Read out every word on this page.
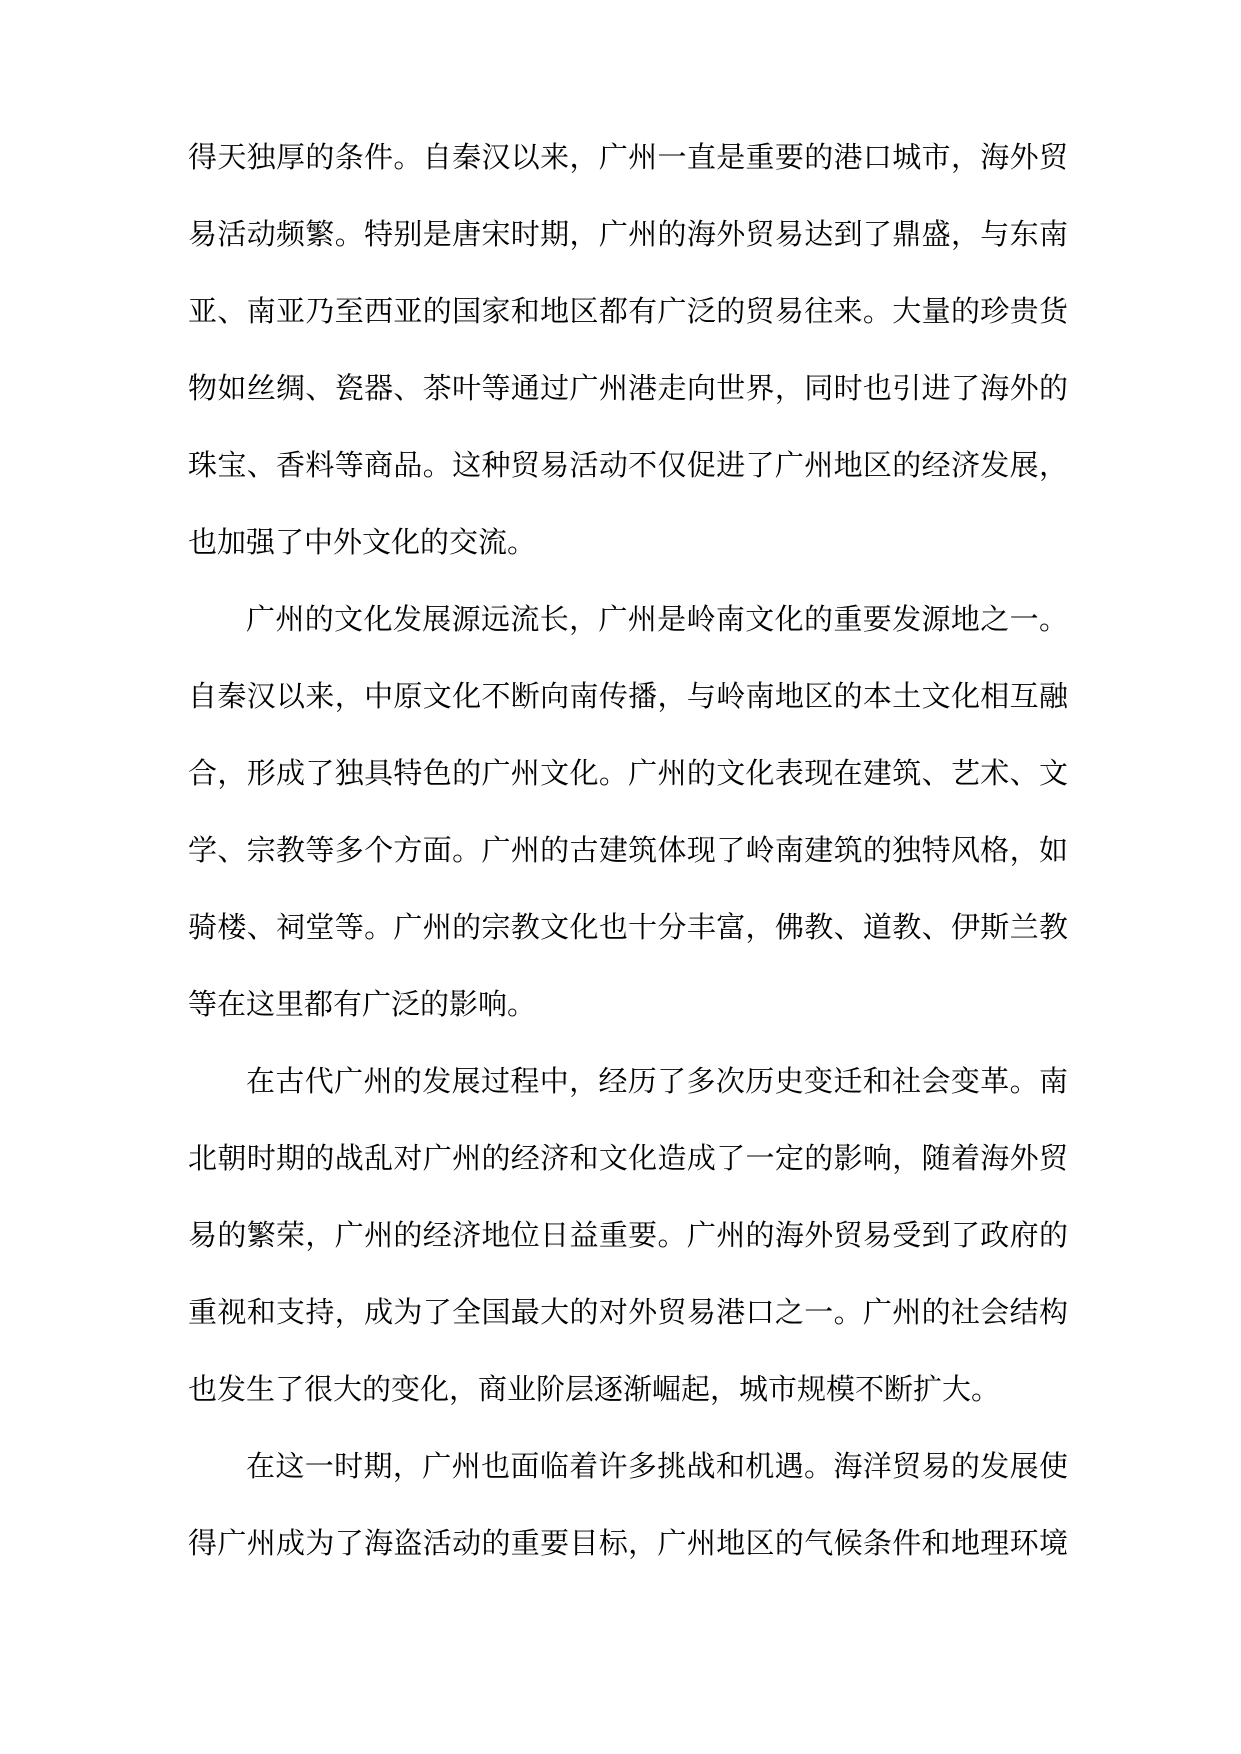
得天独厚的条件。自秦汉以来，广州一直是重要的港口城市，海外贸
易活动频繁。特别是唐宋时期，广州的海外贸易达到了鼎盛，与东南
亚、南亚乃至西亚的国家和地区都有广泛的贸易往来。大量的珍贵货
物如丝绸、瓷器、茶叶等通过广州港走向世界，同时也引进了海外的
珠宝、香料等商品。这种贸易活动不仅促进了广州地区的经济发展，
也加强了中外文化的交流。
广州的文化发展源远流长，广州是岭南文化的重要发源地之一。
自秦汉以来，中原文化不断向南传播，与岭南地区的本土文化相互融
合，形成了独具特色的广州文化。广州的文化表现在建筑、艺术、文
学、宗教等多个方面。广州的古建筑体现了岭南建筑的独特风格，如
骑楼、祠堂等。广州的宗教文化也十分丰富，佛教、道教、伊斯兰教
等在这里都有广泛的影响。
在古代广州的发展过程中，经历了多次历史变迁和社会变革。南
北朝时期的战乱对广州的经济和文化造成了一定的影响，随着海外贸
易的繁荣，广州的经济地位日益重要。广州的海外贸易受到了政府的
重视和支持，成为了全国最大的对外贸易港口之一。广州的社会结构
也发生了很大的变化，商业阶层逐渐崛起，城市规模不断扩大。
在这一时期，广州也面临着许多挑战和机遇。海洋贸易的发展使
得广州成为了海盗活动的重要目标，广州地区的气候条件和地理环境
